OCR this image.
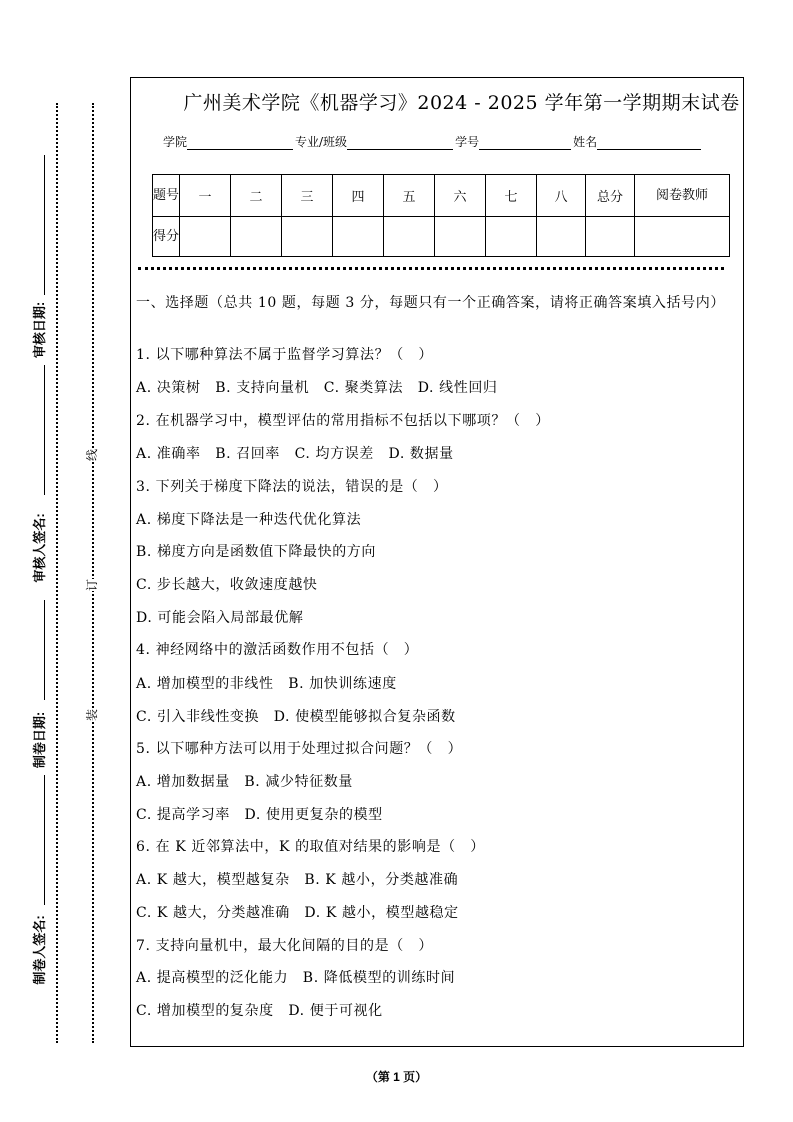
审核日期:
审核人签名:
制卷日期:
制卷人签名:
线
订
装
广州美术学院《机器学习》2024 - 2025 学年第一学期期末试卷
学院	专业/班级	学号	姓名
题号	一	二	三	四	五	六	七	八	总分	阅卷教师
得分										
一、选择题（总共 10 题，每题 3 分，每题只有一个正确答案，请将正确答案填入括号内）
1. 以下哪种算法不属于监督学习算法？（　）
A. 决策树　B. 支持向量机　C. 聚类算法　D. 线性回归
2. 在机器学习中，模型评估的常用指标不包括以下哪项？（　）
A. 准确率　B. 召回率　C. 均方误差　D. 数据量
3. 下列关于梯度下降法的说法，错误的是（　）
A. 梯度下降法是一种迭代优化算法
B. 梯度方向是函数值下降最快的方向
C. 步长越大，收敛速度越快
D. 可能会陷入局部最优解
4. 神经网络中的激活函数作用不包括（　）
A. 增加模型的非线性　B. 加快训练速度
C. 引入非线性变换　D. 使模型能够拟合复杂函数
5. 以下哪种方法可以用于处理过拟合问题？（　）
A. 增加数据量　B. 减少特征数量
C. 提高学习率　D. 使用更复杂的模型
6. 在 K 近邻算法中，K 的取值对结果的影响是（　）
A. K 越大，模型越复杂　B. K 越小，分类越准确
C. K 越大，分类越准确　D. K 越小，模型越稳定
7. 支持向量机中，最大化间隔的目的是（　）
A. 提高模型的泛化能力　B. 降低模型的训练时间
C. 增加模型的复杂度　D. 便于可视化
（第 1 页）
